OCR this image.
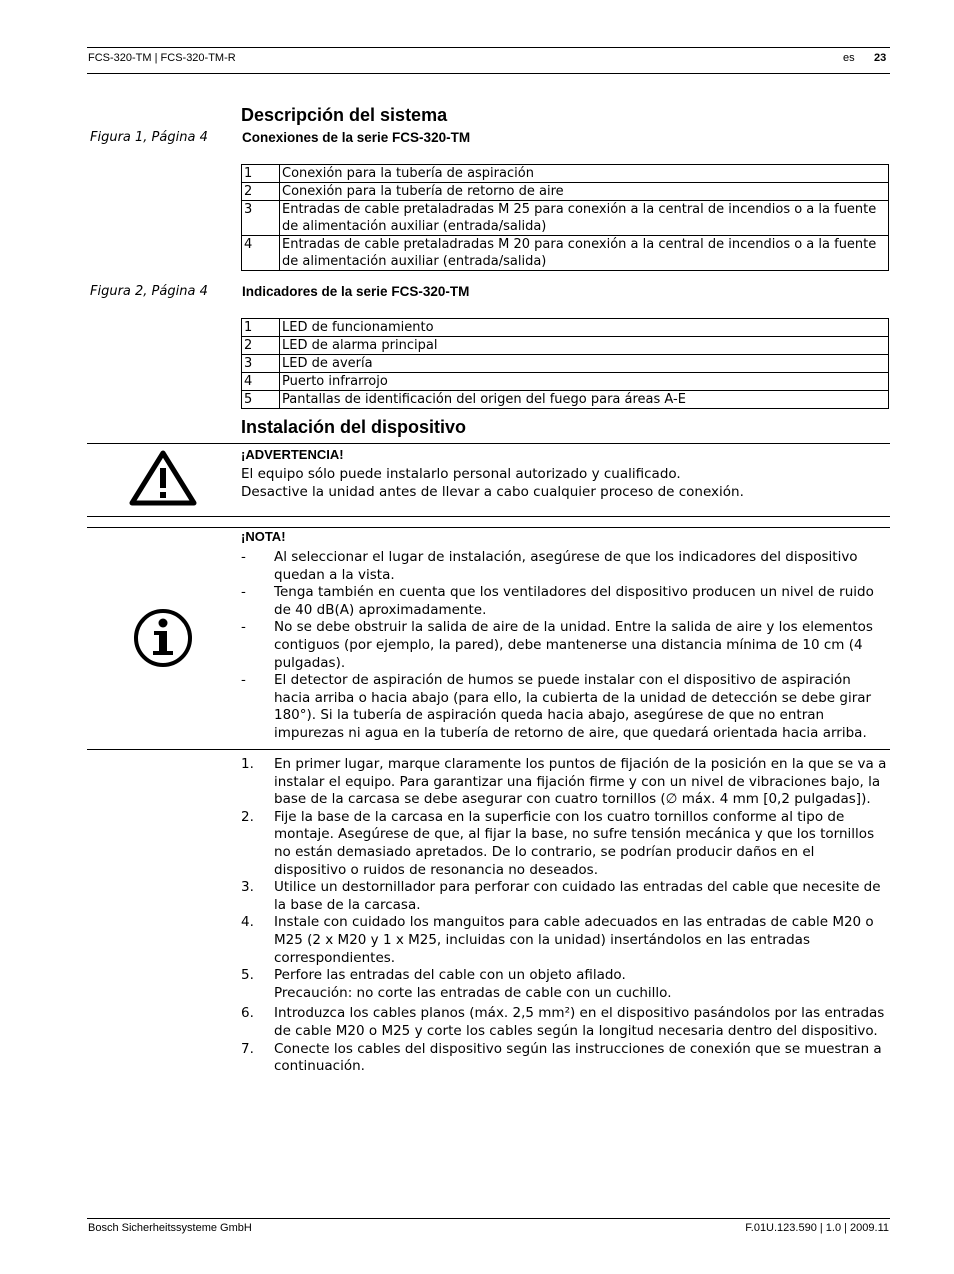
FCS-320-TM | FCS-320-TM-R	es 23
Descripción del sistema
Figura 1, Página 4	Conexiones de la serie FCS-320-TM
1	Conexión para la tubería de aspiración
2	Conexión para la tubería de retorno de aire
3	Entradas de cable pretaladradas M 25 para conexión a la central de incendios o a la fuente de alimentación auxiliar (entrada/salida)
4	Entradas de cable pretaladradas M 20 para conexión a la central de incendios o a la fuente de alimentación auxiliar (entrada/salida)
Figura 2, Página 4	Indicadores de la serie FCS-320-TM
1	LED de funcionamiento
2	LED de alarma principal
3	LED de avería
4	Puerto infrarrojo
5	Pantallas de identificación del origen del fuego para áreas A-E
Instalación del dispositivo
¡ADVERTENCIA!
El equipo sólo puede instalarlo personal autorizado y cualificado.
Desactive la unidad antes de llevar a cabo cualquier proceso de conexión.
¡NOTA!
- Al seleccionar el lugar de instalación, asegúrese de que los indicadores del dispositivo quedan a la vista.
- Tenga también en cuenta que los ventiladores del dispositivo producen un nivel de ruido de 40 dB(A) aproximadamente.
- No se debe obstruir la salida de aire de la unidad. Entre la salida de aire y los elementos contiguos (por ejemplo, la pared), debe mantenerse una distancia mínima de 10 cm (4 pulgadas).
- El detector de aspiración de humos se puede instalar con el dispositivo de aspiración hacia arriba o hacia abajo (para ello, la cubierta de la unidad de detección se debe girar 180°). Si la tubería de aspiración queda hacia abajo, asegúrese de que no entran impurezas ni agua en la tubería de retorno de aire, que quedará orientada hacia arriba.
1. En primer lugar, marque claramente los puntos de fijación de la posición en la que se va a instalar el equipo. Para garantizar una fijación firme y con un nivel de vibraciones bajo, la base de la carcasa se debe asegurar con cuatro tornillos (∅ máx. 4 mm [0,2 pulgadas]).
2. Fije la base de la carcasa en la superficie con los cuatro tornillos conforme al tipo de montaje. Asegúrese de que, al fijar la base, no sufre tensión mecánica y que los tornillos no están demasiado apretados. De lo contrario, se podrían producir daños en el dispositivo o ruidos de resonancia no deseados.
3. Utilice un destornillador para perforar con cuidado las entradas del cable que necesite de la base de la carcasa.
4. Instale con cuidado los manguitos para cable adecuados en las entradas de cable M20 o M25 (2 x M20 y 1 x M25, incluidas con la unidad) insertándolos en las entradas correspondientes.
5. Perfore las entradas del cable con un objeto afilado.
Precaución: no corte las entradas de cable con un cuchillo.
6. Introduzca los cables planos (máx. 2,5 mm²) en el dispositivo pasándolos por las entradas de cable M20 o M25 y corte los cables según la longitud necesaria dentro del dispositivo.
7. Conecte los cables del dispositivo según las instrucciones de conexión que se muestran a continuación.
Bosch Sicherheitssysteme GmbH	F.01U.123.590 | 1.0 | 2009.11
